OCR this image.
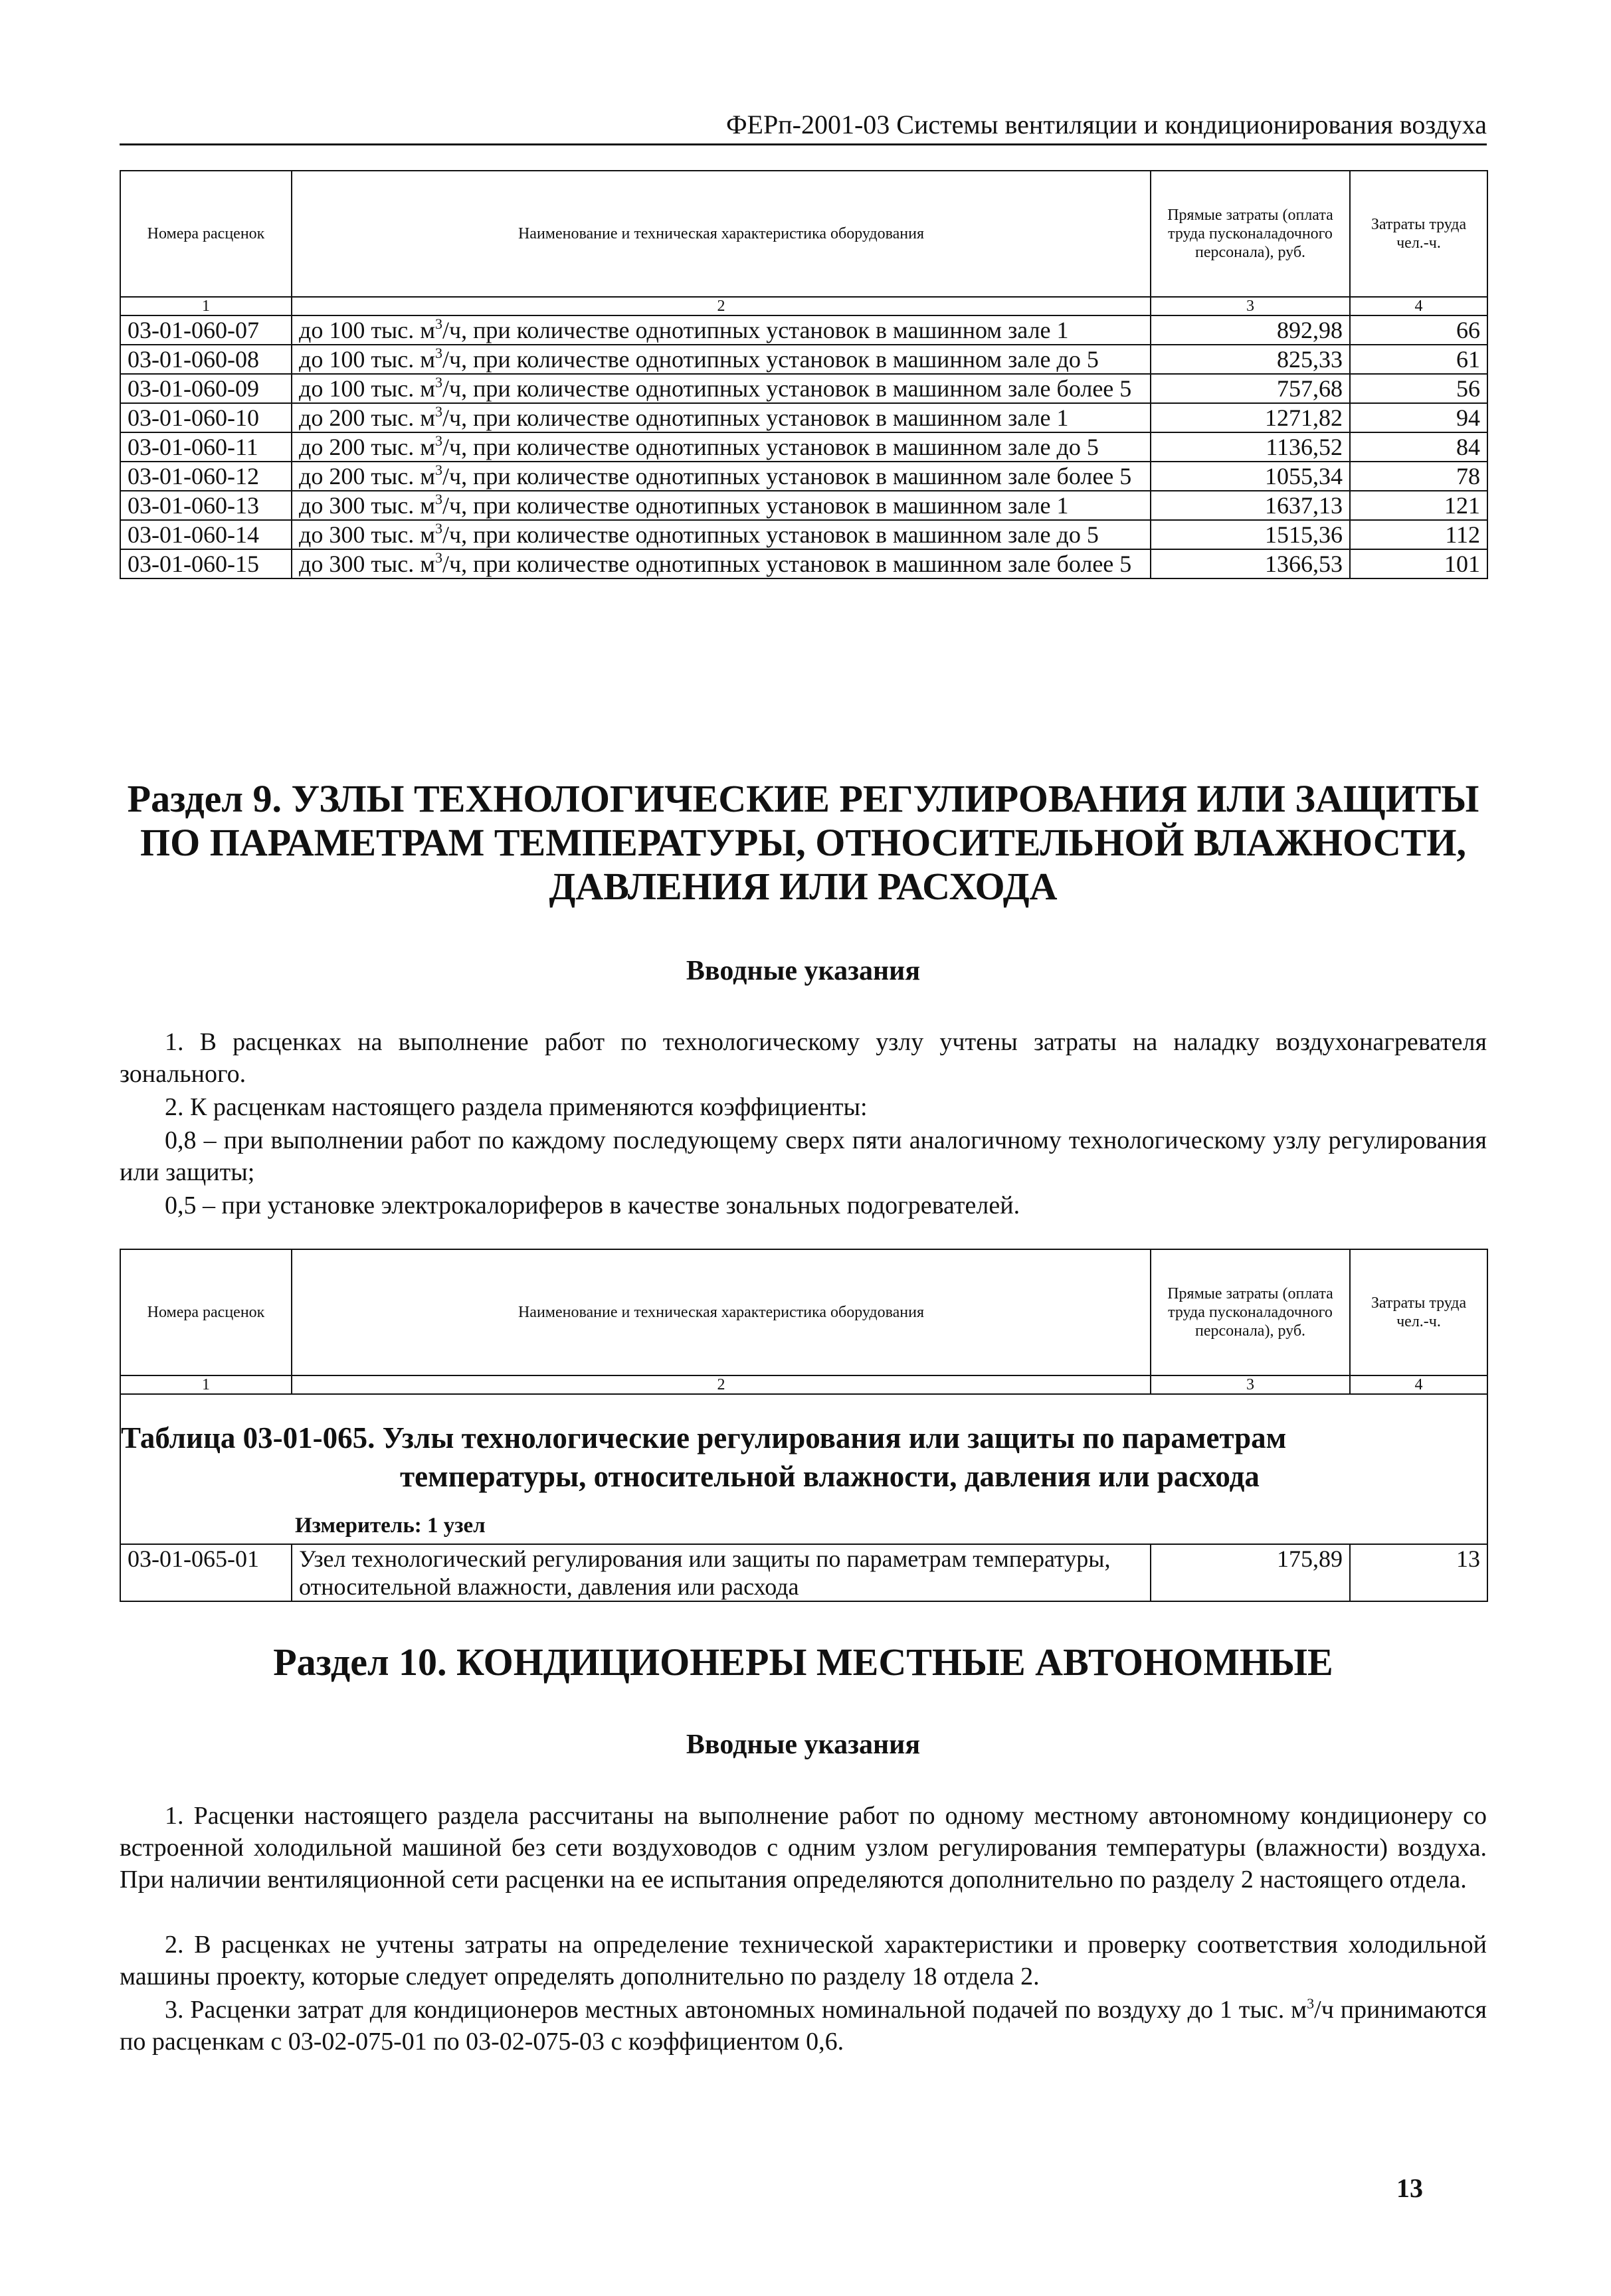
ФЕРп-2001-03 Системы вентиляции и кондиционирования воздуха
Номера расценок	Наименование и техническая характеристика оборудования	Прямые затраты (оплата труда пусконаладочного персонала), руб.	Затраты труда чел.-ч.
1	2	3	4
03-01-060-07	до 100 тыс. $м^3/ч$, при количестве однотипных установок в машинном зале 1	892,98	66
03-01-060-08	до 100 тыс. $м^3/ч$, при количестве однотипных установок в машинном зале до 5	825,33	61
03-01-060-09	до 100 тыс. $м^3/ч$, при количестве однотипных установок в машинном зале более 5	757,68	56
03-01-060-10	до 200 тыс. $м^3/ч$, при количестве однотипных установок в машинном зале 1	1271,82	94
03-01-060-11	до 200 тыс. $м^3/ч$, при количестве однотипных установок в машинном зале до 5	1136,52	84
03-01-060-12	до 200 тыс. $м^3/ч$, при количестве однотипных установок в машинном зале более 5	1055,34	78
03-01-060-13	до 300 тыс. $м^3/ч$, при количестве однотипных установок в машинном зале 1	1637,13	121
03-01-060-14	до 300 тыс. $м^3/ч$, при количестве однотипных установок в машинном зале до 5	1515,36	112
03-01-060-15	до 300 тыс. $м^3/ч$, при количестве однотипных установок в машинном зале более 5	1366,53	101
Раздел 9. УЗЛЫ ТЕХНОЛОГИЧЕСКИЕ РЕГУЛИРОВАНИЯ ИЛИ ЗАЩИТЫ ПО ПАРАМЕТРАМ ТЕМПЕРАТУРЫ, ОТНОСИТЕЛЬНОЙ ВЛАЖНОСТИ, ДАВЛЕНИЯ ИЛИ РАСХОДА
Вводные указания
1. В расценках на выполнение работ по технологическому узлу учтены затраты на наладку воздухонагревателя зонального.
2. К расценкам настоящего раздела применяются коэффициенты:
0,8 – при выполнении работ по каждому последующему сверх пяти аналогичному технологическому узлу регулирования или защиты;
0,5 – при установке электрокалориферов в качестве зональных подогревателей.
Номера расценок	Наименование и техническая характеристика оборудования	Прямые затраты (оплата труда пусконаладочного персонала), руб.	Затраты труда чел.-ч.
1	2	3	4

Таблица 03-01-065. Узлы технологические регулирования или защиты по параметрам
температуры, относительной влажности, давления или расхода
Измеритель: 1 узел			

03-01-065-01	Узел технологический регулирования или защиты по параметрам температуры, относительной влажности, давления или расхода	175,89	13
Раздел 10. КОНДИЦИОНЕРЫ МЕСТНЫЕ АВТОНОМНЫЕ
Вводные указания
1. Расценки настоящего раздела рассчитаны на выполнение работ по одному местному автономному кондиционеру со встроенной холодильной машиной без сети воздуховодов с одним узлом регулирования температуры (влажности) воздуха. При наличии вентиляционной сети расценки на ее испытания определяются дополнительно по разделу 2 настоящего отдела.
2. В расценках не учтены затраты на определение технической характеристики и проверку соответствия холодильной машины проекту, которые следует определять дополнительно по разделу 18 отдела 2.
3. Расценки затрат для кондиционеров местных автономных номинальной подачей по воздуху до 1 тыс. $м^3/ч$ принимаются по расценкам с 03-02-075-01 по 03-02-075-03 с коэффициентом 0,6.
13
